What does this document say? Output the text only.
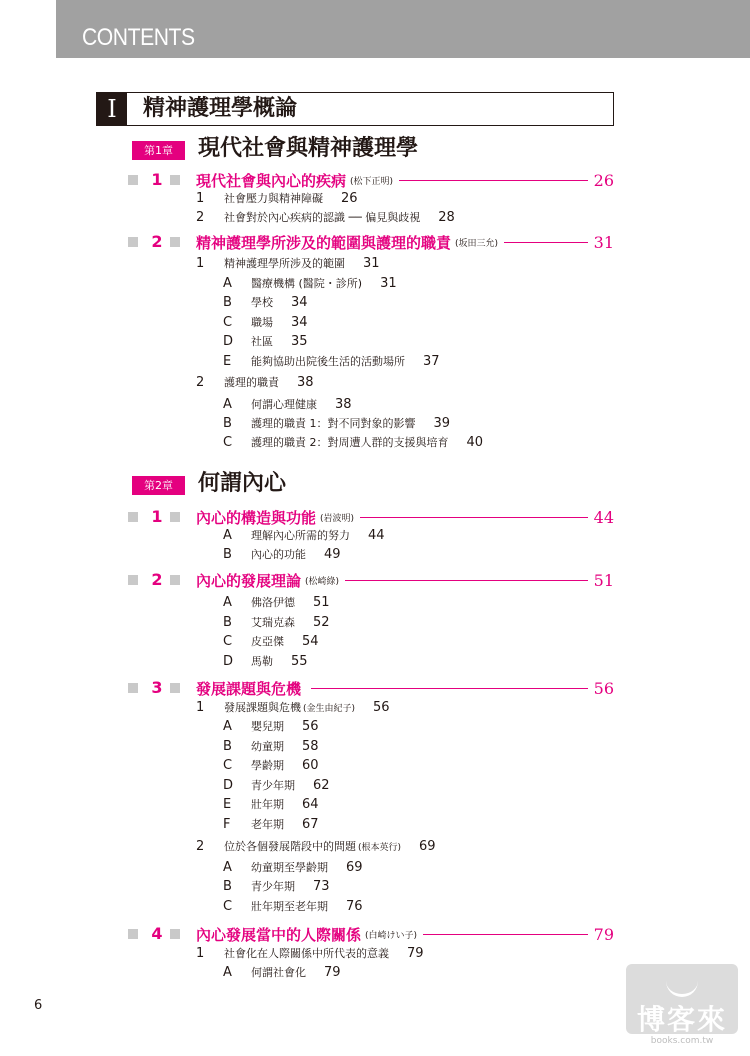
CONTENTS
I	精神護理學概論
第1章	現代社會與精神護理學
1 現代社會與內心的疾病 (松下正明)	26
1 社會壓力與精神障礙 26
2 社會對於內心疾病的認識 ── 偏見與歧視 28
2 精神護理學所涉及的範圍與護理的職責 (坂田三允)	31
1 精神護理學所涉及的範圍 31
A 醫療機構 (醫院・診所) 31
B 學校 34
C 職場 34
D 社區 35
E 能夠協助出院後生活的活動場所 37
2 護理的職責 38
A 何謂心理健康 38
B 護理的職責 1：對不同對象的影響 39
C 護理的職責 2：對周遭人群的支援與培育 40
第2章	何謂內心
1 內心的構造與功能 (岩波明)	44
A 理解內心所需的努力 44
B 內心的功能 49
2 內心的發展理論 (松崎綠)	51
A 佛洛伊德 51
B 艾瑞克森 52
C 皮亞傑 54
D 馬勒 55
3 發展課題與危機	56
1 發展課題與危機 (金生由紀子) 56
A 嬰兒期 56
B 幼童期 58
C 學齡期 60
D 青少年期 62
E 壯年期 64
F 老年期 67
2 位於各個發展階段中的問題 (根本英行) 69
A 幼童期至學齡期 69
B 青少年期 73
C 壯年期至老年期 76
4 內心發展當中的人際關係 (白崎けい子)	79
1 社會化在人際關係中所代表的意義 79
A 何謂社會化 79
6	博客來
books.com.tw
